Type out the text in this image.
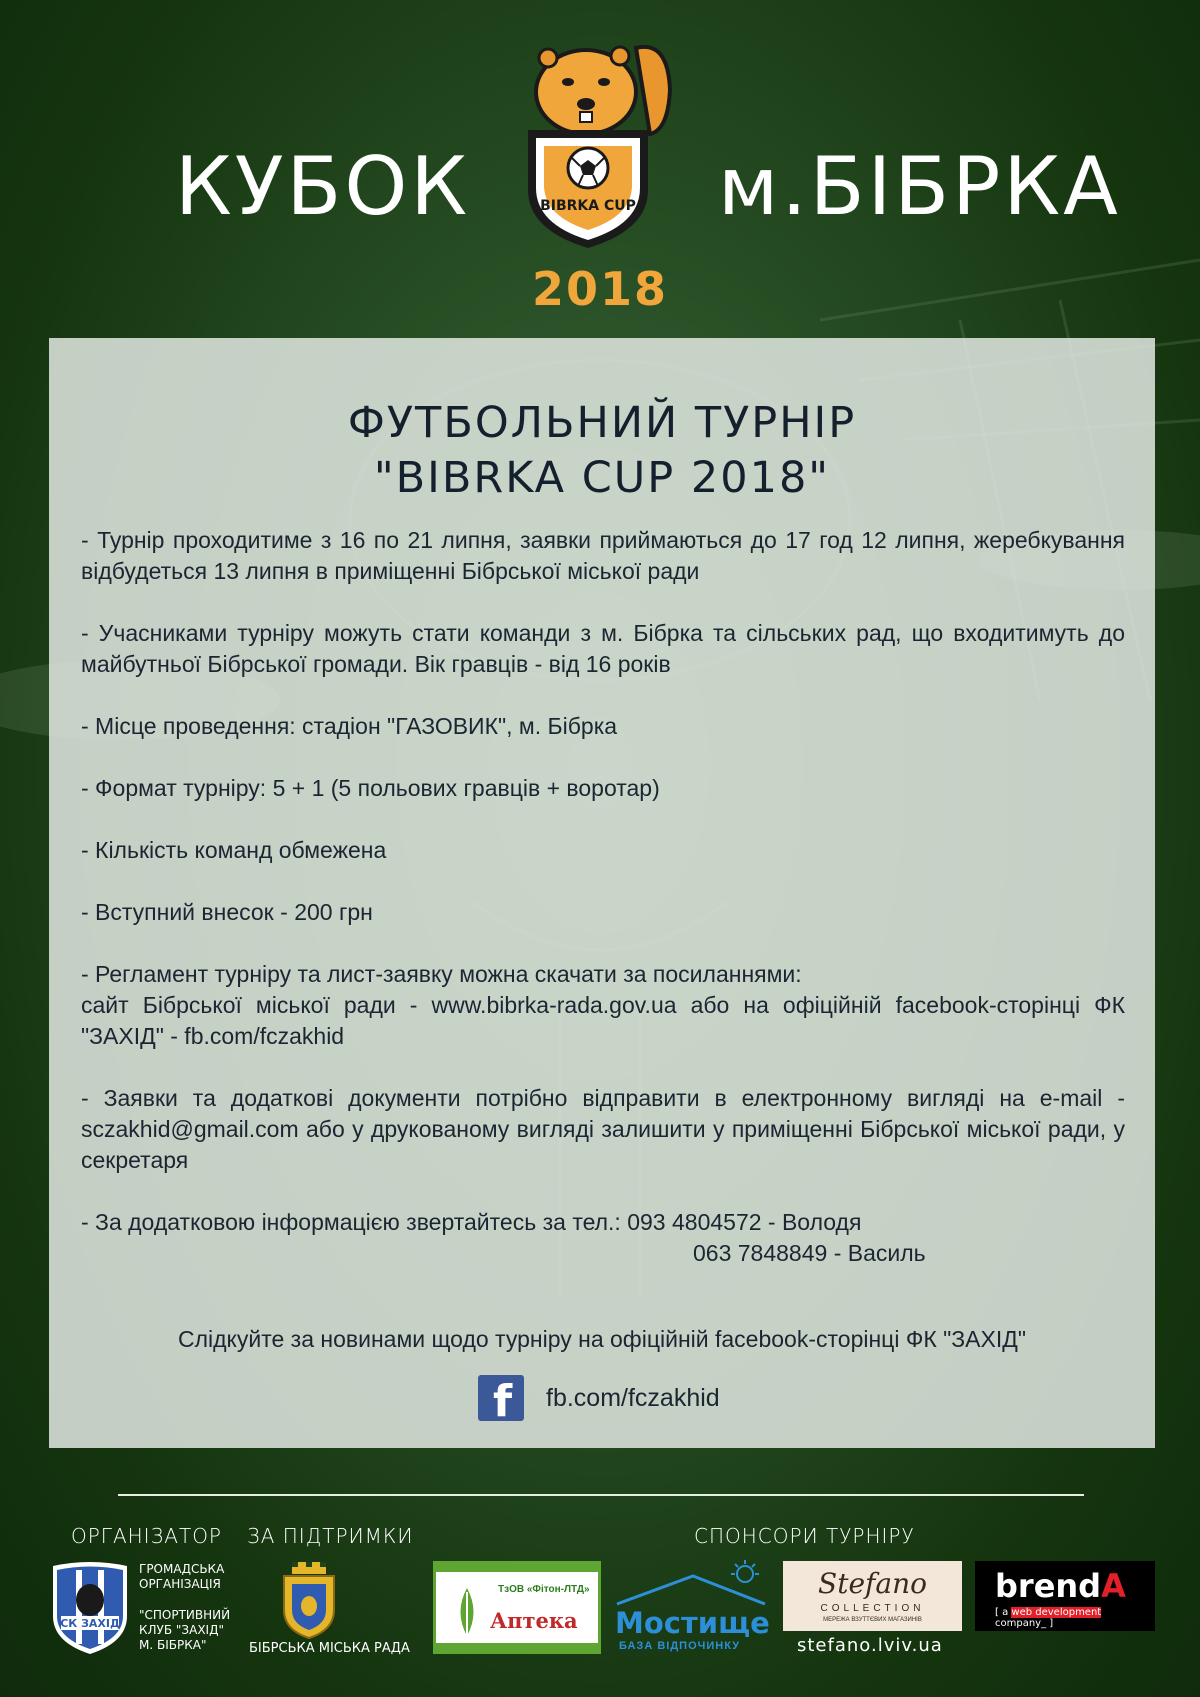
КУБОК	м.БІБРКА
BIBRKA CUP
2018
ФУТБОЛЬНИЙ ТУРНІР
"BIBRKA CUP 2018"
- Турнір проходитиме з 16 по 21 липня, заявки приймаються до 17 год 12 липня, жеребкування відбудеться 13 липня в приміщенні Бібрської міської ради
- Учасниками турніру можуть стати команди з м. Бібрка та сільських рад, що входитимуть до майбутньої Бібрської громади. Вік гравців - від 16 років
- Місце проведення: стадіон "ГАЗОВИК", м. Бібрка
- Формат турніру: 5 + 1 (5 польових гравців + воротар)
- Кількість команд обмежена
- Вступний внесок - 200 грн
- Регламент турніру та лист-заявку можна скачати за посиланнями:
сайт Бібрської міської ради - www.bibrka-rada.gov.ua або на офіційній facebook-сторінці ФК "ЗАХІД" - fb.com/fczakhid
- Заявки та додаткові документи потрібно відправити в електронному вигляді на e-mail - sczakhid@gmail.com або у друкованому вигляді залишити у приміщенні Бібрської міської ради, у секретаря
- За додатковою інформацією звертайтесь за тел.: 093 4804572 - Володя
063 7848849 - Василь
Слідкуйте за новинами щодо турніру на офіційній facebook-сторінці ФК "ЗАХІД"
f fb.com/fczakhid
ОРГАНІЗАТОР ЗА ПІДТРИМКИ	СПОНСОРИ ТУРНІРУ
СК ЗАХІД
ГРОМАДСЬКА
ОРГАНІЗАЦІЯ
"СПОРТИВНИЙ
КЛУБ "ЗАХІД"
М. БІБРКА"	БІБРСЬКА МІСЬКА РАДА
ТзОВ «Фітон-ЛТД»
Аптека Мостище
БАЗА ВІДПОЧИНКУ
Stefano
COLLECTION
МЕРЕЖА ВЗУТТЄВИХ МАГАЗИНІВ
stefano.lviv.ua
brendA
[ a web development company_ ]
